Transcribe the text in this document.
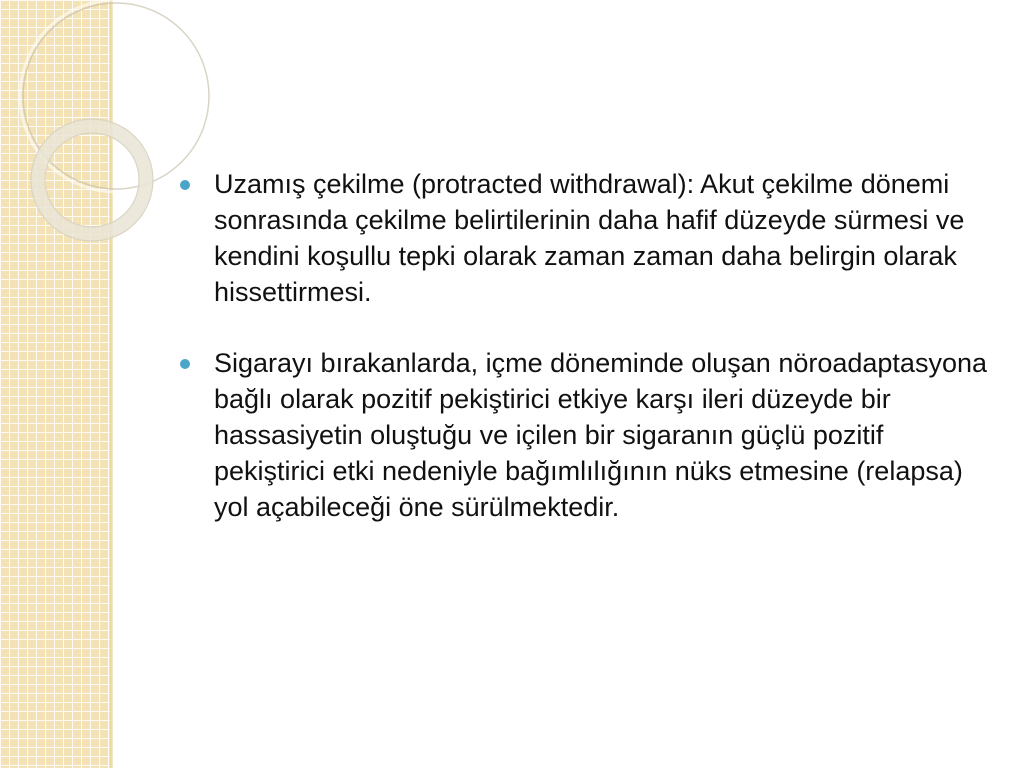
Uzamış çekilme (protracted withdrawal): Akut çekilme dönemi sonrasında çekilme belirtilerinin daha hafif düzeyde sürmesi ve kendini koşullu tepki olarak zaman zaman daha belirgin olarak hissettirmesi.
Sigarayı bırakanlarda, içme döneminde oluşan nöroadaptasyona bağlı olarak pozitif pekiştirici etkiye karşı ileri düzeyde bir hassasiyetin oluştuğu ve içilen bir sigaranın güçlü pozitif pekiştirici etki nedeniyle bağımlılığının nüks etmesine (relapsa) yol açabileceği öne sürülmektedir.
